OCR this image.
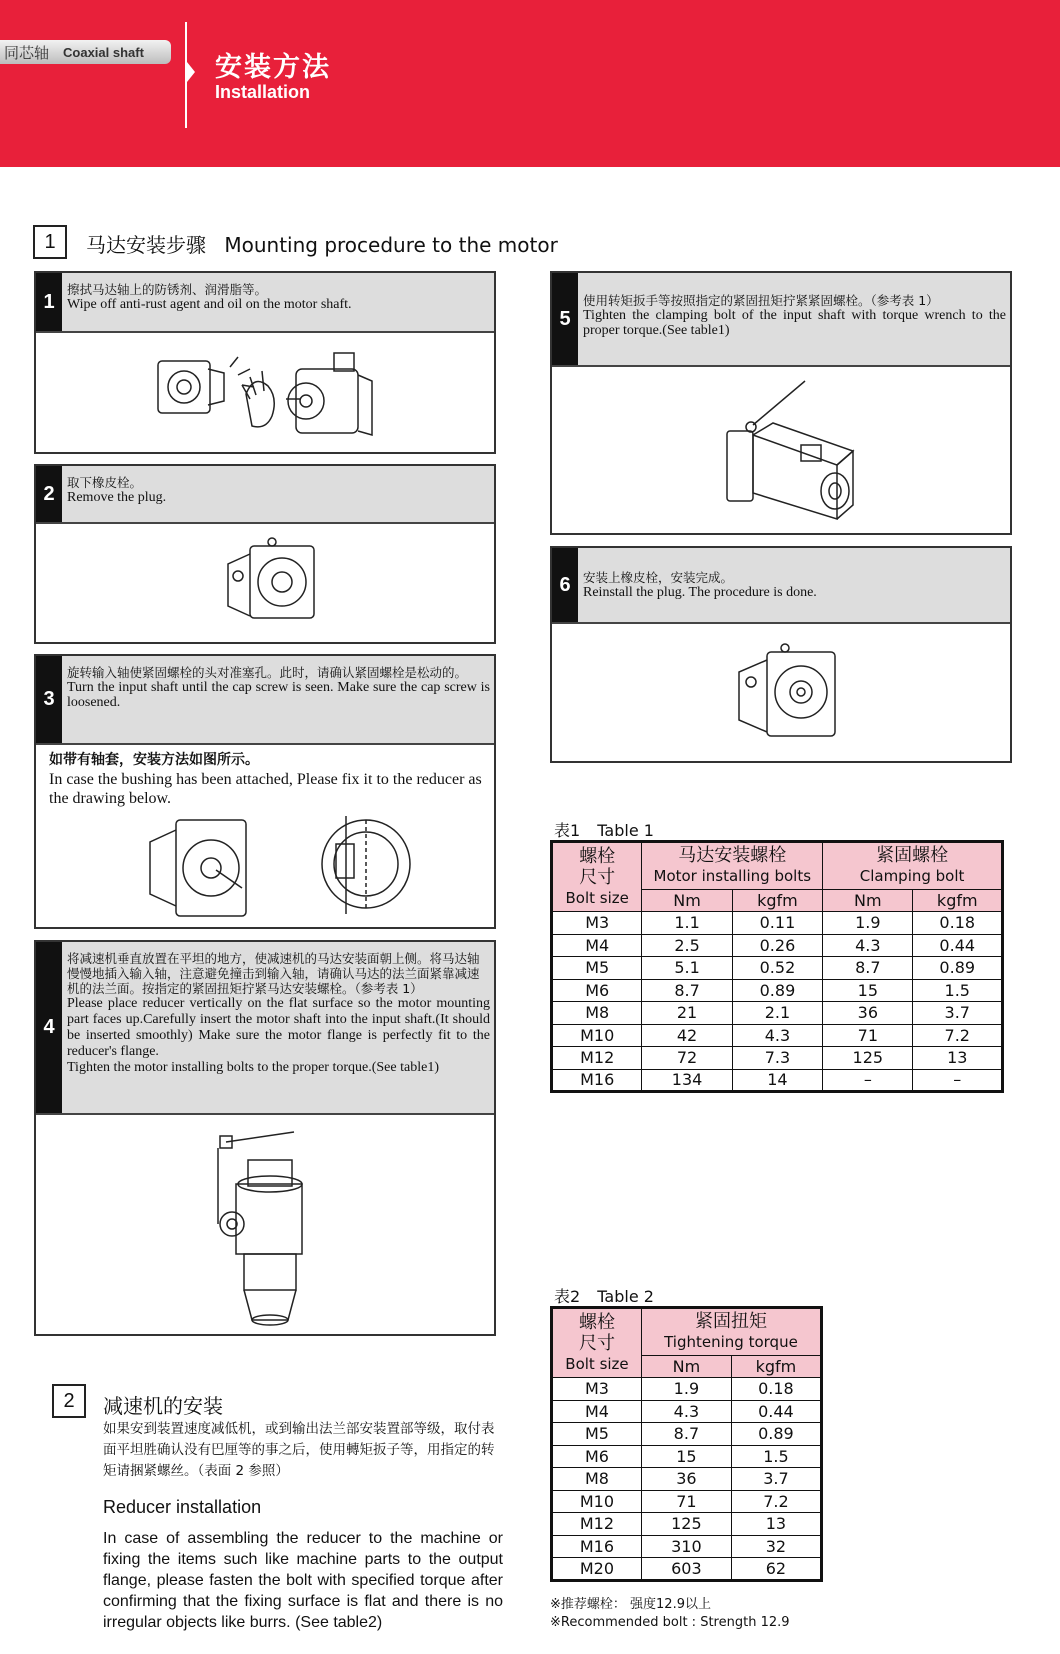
同芯轴 Coaxial shaft	安装方法
Installation
1	马达安装步骤 Mounting procedure to the motor
1
擦拭马达轴上的防锈剂、润滑脂等。
Wipe off anti-rust agent and oil on the motor shaft.
2 取下橡皮栓。
Remove the plug.
3
旋转输入轴使紧固螺栓的头对准塞孔。此时，请确认紧固螺栓是松动的。
Turn the input shaft until the cap screw is seen. Make sure the cap screw is loosened.
如带有轴套，安装方法如图所示。
In case the bushing has been attached, Please fix it to the reducer as the drawing below.
4
将减速机垂直放置在平坦的地方，使减速机的马达安装面朝上侧。将马达轴慢慢地插入输入轴，注意避免撞击到输入轴，请确认马达的法兰面紧靠减速机的法兰面。按指定的紧固扭矩拧紧马达安装螺栓。（参考表 1）
Please place reducer vertically on the flat surface so the motor mounting part faces up.Carefully insert the motor shaft into the input shaft.(It should be inserted smoothly) Make sure the motor flange is perfectly fit to the reducer's flange.
Tighten the motor installing bolts to the proper torque.(See table1)
5
使用转矩扳手等按照指定的紧固扭矩拧紧紧固螺栓。（参考表 1）
Tighten the clamping bolt of the input shaft with torque wrench to the proper torque.(See table1)
6 安装上橡皮栓，安装完成。
Reinstall the plug. The procedure is done.
表1 Table 1
螺栓
尺寸
Bolt size	马达安装螺栓
Motor installing bolts		紧固螺栓
Clamping bolt	

	Nm	kgfm	Nm	kgfm
M3	1.1	0.11	1.9	0.18
M4	2.5	0.26	4.3	0.44
M5	5.1	0.52	8.7	0.89
M6	8.7	0.89	15	1.5
M8	21	2.1	36	3.7
M10	42	4.3	71	7.2
M12	72	7.3	125	13
M16	134	14	–	–
表2 Table 2
螺栓
尺寸
Bolt size	紧固扭矩
Tightening torque	

	Nm	kgfm
M3	1.9	0.18
M4	4.3	0.44
M5	8.7	0.89
M6	15	1.5
M8	36	3.7
M10	71	7.2
M12	125	13
M16	310	32
M20	603	62
※推荐螺栓： 强度12.9以上
※Recommended bolt : Strength 12.9
2	减速机的安装
如果安到装置速度减低机，或到输出法兰部安装置部等级，取付表面平坦胜确认没有巴厘等的事之后，使用轉矩扳子等，用指定的转矩请捆紧螺丝。（表面 2 参照）
Reducer installation
In case of assembling the reducer to the machine or fixing the items such like machine parts to the output flange, please fasten the bolt with specified torque after confirming that the fixing surface is flat and there is no irregular objects like burrs. (See table2)
